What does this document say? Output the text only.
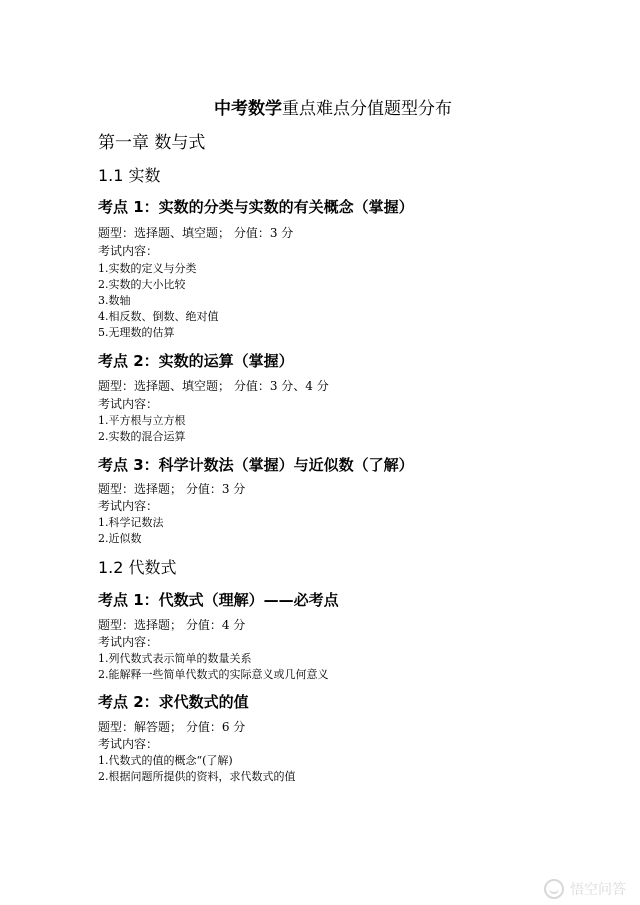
中考数学重点难点分值题型分布
第一章 数与式
1.1 实数
考点 1：实数的分类与实数的有关概念（掌握）
题型：选择题、填空题； 分值：3 分
考试内容：
1.实数的定义与分类
2.实数的大小比较
3.数轴
4.相反数、倒数、绝对值
5.无理数的估算
考点 2：实数的运算（掌握）
题型：选择题、填空题； 分值：3 分、4 分
考试内容：
1.平方根与立方根
2.实数的混合运算
考点 3：科学计数法（掌握）与近似数（了解）
题型：选择题； 分值：3 分
考试内容：
1.科学记数法
2.近似数
1.2 代数式
考点 1：代数式（理解）——必考点
题型：选择题； 分值：4 分
考试内容：
1.列代数式表示简单的数量关系
2.能解释一些简单代数式的实际意义或几何意义
考点 2：求代数式的值
题型：解答题； 分值：6 分
考试内容：
1.代数式的值的概念“(了解)
2.根据问题所提供的资料，求代数式的值
悟空问答
